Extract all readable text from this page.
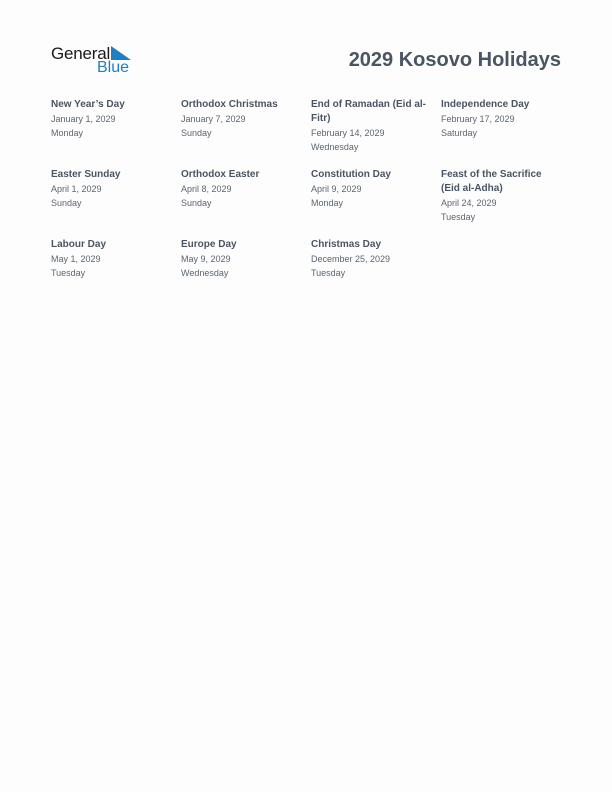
General
Blue	2029 Kosovo Holidays
New Year’s Day
January 1, 2029
Monday
Orthodox Christmas
January 7, 2029
Sunday
End of Ramadan (Eid al-Fitr)
February 14, 2029
Wednesday
Independence Day
February 17, 2029
Saturday
Easter Sunday
April 1, 2029
Sunday
Orthodox Easter
April 8, 2029
Sunday
Constitution Day
April 9, 2029
Monday
Feast of the Sacrifice (Eid al-Adha)
April 24, 2029
Tuesday
Labour Day
May 1, 2029
Tuesday
Europe Day
May 9, 2029
Wednesday
Christmas Day
December 25, 2029
Tuesday
